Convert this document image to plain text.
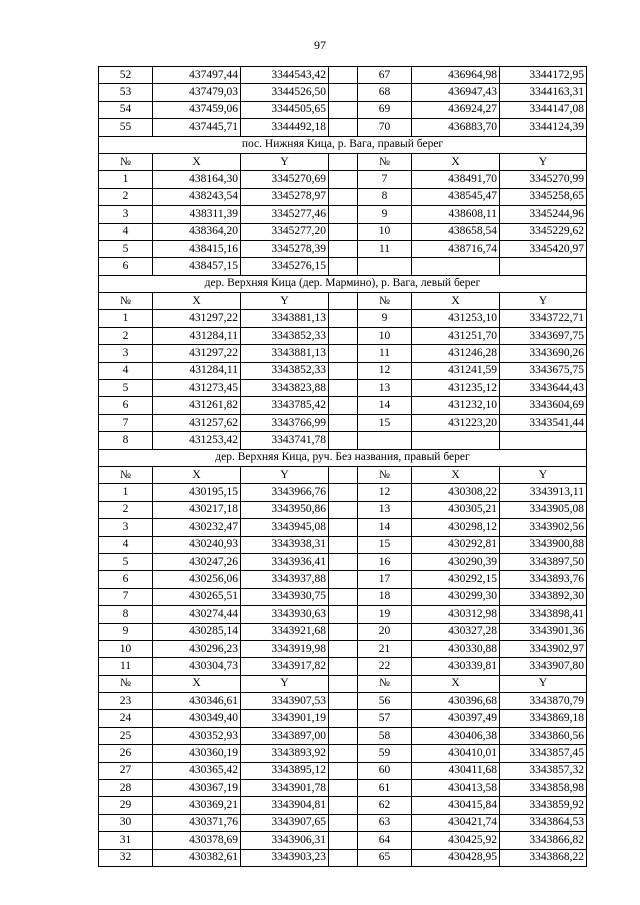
97
52	437497,44	3344543,42		67	436964,98	3344172,95
53	437479,03	3344526,50		68	436947,43	3344163,31
54	437459,06	3344505,65		69	436924,27	3344147,08
55	437445,71	3344492,18		70	436883,70	3344124,39
пос. Нижняя Кица, р. Вага, правый берег						
№	X	Y		№	X	Y
1	438164,30	3345270,69		7	438491,70	3345270,99
2	438243,54	3345278,97		8	438545,47	3345258,65
3	438311,39	3345277,46		9	438608,11	3345244,96
4	438364,20	3345277,20		10	438658,54	3345229,62
5	438415,16	3345278,39		11	438716,74	3345420,97
6	438457,15	3345276,15				
дер. Верхняя Кица (дер. Мармино), р. Вага, левый берег						
№	X	Y		№	X	Y
1	431297,22	3343881,13		9	431253,10	3343722,71
2	431284,11	3343852,33		10	431251,70	3343697,75
3	431297,22	3343881,13		11	431246,28	3343690,26
4	431284,11	3343852,33		12	431241,59	3343675,75
5	431273,45	3343823,88		13	431235,12	3343644,43
6	431261,82	3343785,42		14	431232,10	3343604,69
7	431257,62	3343766,99		15	431223,20	3343541,44
8	431253,42	3343741,78				
дер. Верхняя Кица, руч. Без названия, правый берег						
№	X	Y		№	X	Y
1	430195,15	3343966,76		12	430308,22	3343913,11
2	430217,18	3343950,86		13	430305,21	3343905,08
3	430232,47	3343945,08		14	430298,12	3343902,56
4	430240,93	3343938,31		15	430292,81	3343900,88
5	430247,26	3343936,41		16	430290,39	3343897,50
6	430256,06	3343937,88		17	430292,15	3343893,76
7	430265,51	3343930,75		18	430299,30	3343892,30
8	430274,44	3343930,63		19	430312,98	3343898,41
9	430285,14	3343921,68		20	430327,28	3343901,36
10	430296,23	3343919,98		21	430330,88	3343902,97
11	430304,73	3343917,82		22	430339,81	3343907,80
№	X	Y		№	X	Y
23	430346,61	3343907,53		56	430396,68	3343870,79
24	430349,40	3343901,19		57	430397,49	3343869,18
25	430352,93	3343897,00		58	430406,38	3343860,56
26	430360,19	3343893,92		59	430410,01	3343857,45
27	430365,42	3343895,12		60	430411,68	3343857,32
28	430367,19	3343901,78		61	430413,58	3343858,98
29	430369,21	3343904,81		62	430415,84	3343859,92
30	430371,76	3343907,65		63	430421,74	3343864,53
31	430378,69	3343906,31		64	430425,92	3343866,82
32	430382,61	3343903,23		65	430428,95	3343868,22
